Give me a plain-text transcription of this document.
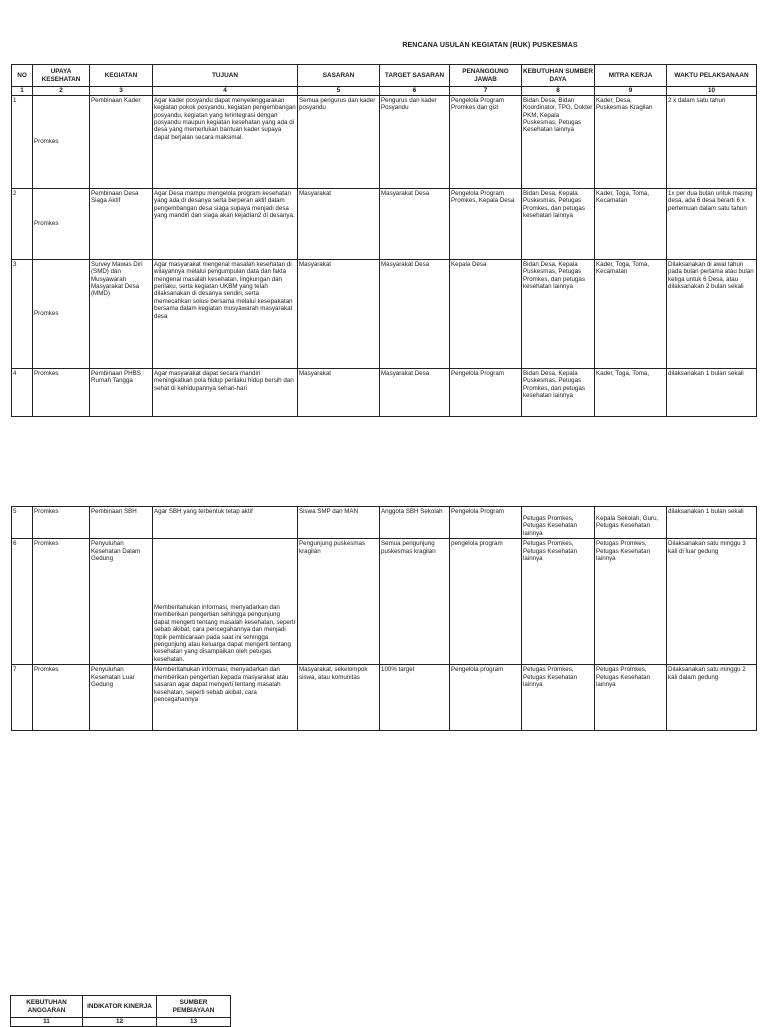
RENCANA USULAN KEGIATAN (RUK) PUSKESMAS
NO	UPAYA KESEHATAN	KEGIATAN	TUJUAN	SASARAN	TARGET SASARAN	PENANGGUNG JAWAB	KEBUTUHAN SUMBER DAYA	MITRA KERJA	WAKTU PELAKSANAAN
1	2	3	4	5	6	7	8	9	10
1	Promkes	Pembinaan Kader	Agar kader posyandu dapat menyelenggarakan kegiatan pokok posyandu, kegiatan pengembangan posyandu, kegiatan yang terintegrasi dengan posyandu maupun kegiatan kesehatan yang ada di desa yang memerlukan bantuan kader supaya dapat berjalan secara maksimal.	Semua pengurus dan kader posyandu	Pengurus dan kader Posyandu	Pengelola Program Promkes dan gizi	Bidan Desa, Bidan Koordinator, TPG, Dokter PKM, Kepala Puskesmas, Petugas Kesehatan lainnya	Kader, Desa, Puskesmas Kragilan	2 x dalam satu tahun
2	Promkes	Pembinaan Desa Siaga Aktif	Agar Desa mampu mengelola program kesehatan yang ada di desanya serta berperan aktif dalam pengembangan desa siaga supaya menjadi desa yang mandiri dan siaga akan kejadian2 di desanya.	Masyarakat	Masyarakat Desa	Pengelola Program Promkes, Kepala Desa	Bidan Desa, Kepala Puskesmas, Petugas Promkes, dan petugas kesehatan lainnya	Kader, Toga, Toma, Kecamatan	1x per dua bulan untuk masing desa, ada 6 desa berarti 6 x pertemuan dalam satu tahun
3	Promkes	Survey Mawas Diri (SMD) dan Musyawarah Masyarakat Desa (MMD)	Agar masyarakat mengenal masalah kesehatan di wilayahnya melalui pengumpulan data dan fakta mengenai masalah kesehatan, lingkungan dan perilaku, serta kegiatan UKBM yang telah dilaksanakan di desanya sendiri, serta memecahkan solusi bersama melalui kesepakatan bersama dalam kegiatan musyawarah masyarakat desa	Masyarakat	Masyarakat Desa	Kepala Desa	Bidan Desa, Kepala Puskesmas, Petugas Promkes, dan petugas kesehatan lainnya	Kader, Toga, Toma, Kecamatan	Dilaksanakan di awal tahun pada bulan pertama atau bulan ketiga untuk 6 Desa, atau dilaksanakan 2 bulan sekali
4	Promkes	Pembinaan PHBS Rumah Tangga	Agar masyarakat dapat secara mandiri meningkatkan pola hidup perilaku hidup bersih dan sehat di kehidupannya sehari-hari	Masyarakat	Masyarakat Desa	Pengelola Program	Bidan Desa, Kepala Puskesmas, Petugas Promkes, dan petugas kesehatan lainnya	Kader, Toga, Toma,	dilaksanakan 1 bulan sekali
5	Promkes	Pembinaan SBH	Agar SBH yang terbentuk tetap aktif	Siswa SMP dan MAN	Anggota SBH Sekolah	Pengelola Program	Petugas Promkes, Petugas Kesehatan lainnya	Kepala Sekolah, Guru, Petugas Kesehatan	dilaksanakan 1 bulan sekali
6	Promkes	Penyuluhan Kesehatan Dalam Gedung	Memberitahukan informasi, menyadarkan dan memberikan pengertian sehingga pengunjung dapat mengerti tentang masalah kesehatan, seperti sebab akibat, cara pencegahannya dan menjadi topik pembicaraan pada saat ini sehingga pengunjung atau keluarga dapat mengerti tentang kesehatan yang disampaikan oleh petugas kesehatan.	Pengunjung puskesmas kragilan	Semua pengunjung puskesmas kragilan	pengelola program	Petugas Promkes, Petugas Kesehatan lainnya	Petugas Promkes, Petugas Kesehatan lainnya	Dilaksanakan satu minggu 3 kali di luar gedung
7	Promkes	Penyuluhan Kesehatan Luar Gedung	Memberitahukan informasi, menyadarkan dan memberikan pengertian kepada masyarakat atau sasaran agar dapat mengerti tentang masalah kesehatan, seperti sebab akibat, cara pencegahannya	Masyarakat, sekelompok siswa, atau komunitas	100% target	Pengelola program	Petugas Promkes, Petugas Kesehatan lainnya	Petugas Promkes, Petugas Kesehatan lainnya	Dilaksanakan satu minggu 2 kali dalam gedung
KEBUTUHAN ANGGARAN	INDIKATOR KINERJA	SUMBER PEMBIAYAAN
11	12	13
